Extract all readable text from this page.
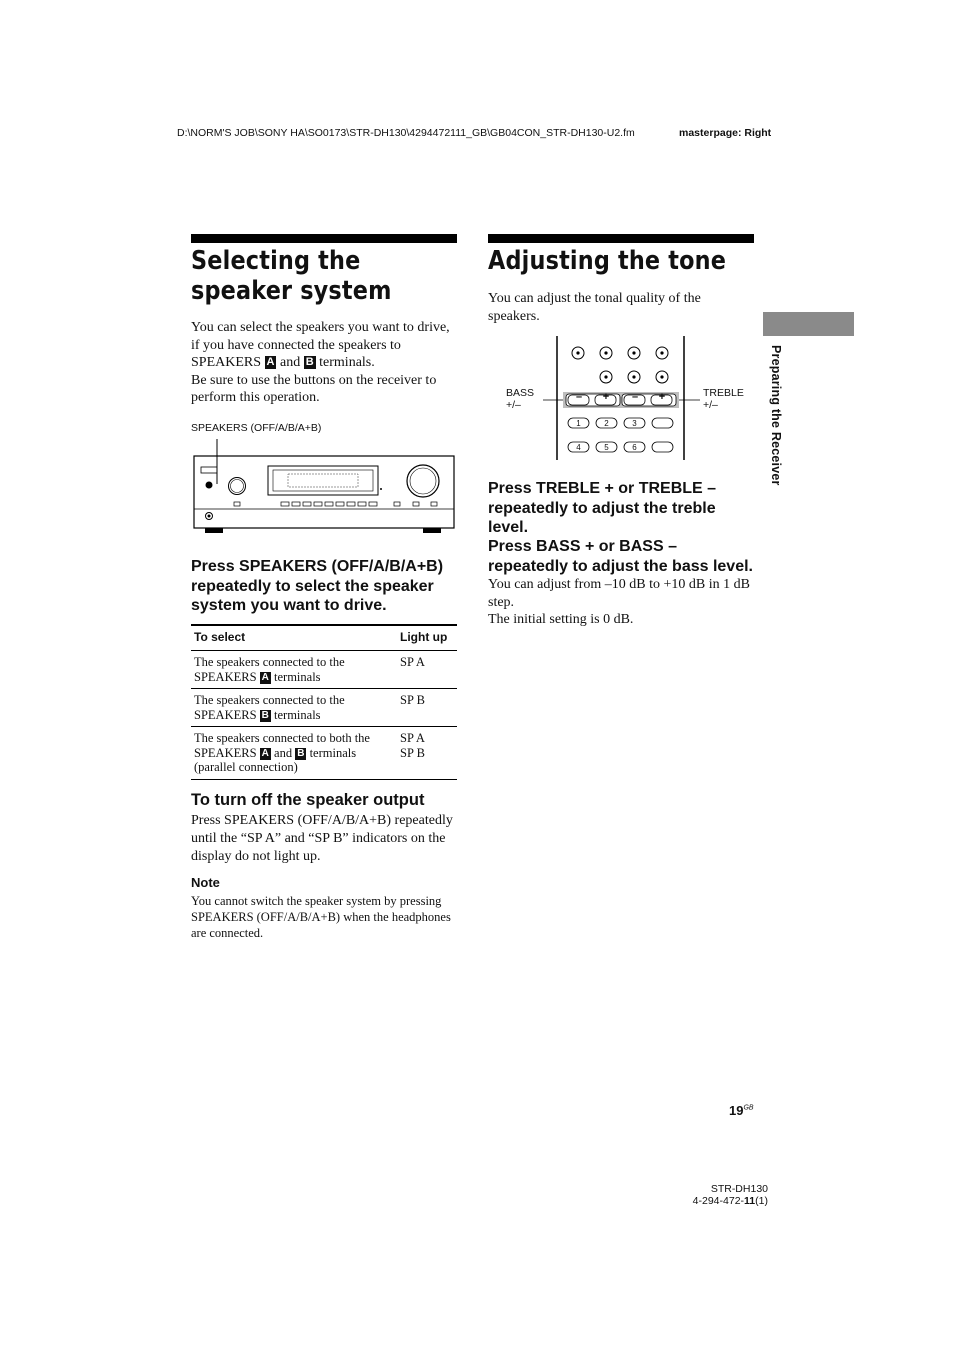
D:\NORM'S JOB\SONY HA\SO0173\STR-DH130\4294472111_GB\GB04CON_STR-DH130-U2.fm	masterpage: Right
Preparing the Receiver
Selecting the speaker system
You can select the speakers you want to drive, if you have connected the speakers to SPEAKERS A and B terminals.
Be sure to use the buttons on the receiver to perform this operation.
SPEAKERS (OFF/A/B/A+B)
Press SPEAKERS (OFF/A/B/A+B) repeatedly to select the speaker system you want to drive.
To select	Light up
The speakers connected to the SPEAKERS A terminals	SP A
The speakers connected to the SPEAKERS B terminals	SP B
The speakers connected to both the SPEAKERS A and B terminals (parallel connection)	SP A
SP B
To turn off the speaker output
Press SPEAKERS (OFF/A/B/A+B) repeatedly until the “SP A” and “SP B” indicators on the display do not light up.
Note
You cannot switch the speaker system by pressing SPEAKERS (OFF/A/B/A+B) when the headphones are connected.
Adjusting the tone
You can adjust the tonal quality of the speakers.
–	+	–	+
1	2	3
4	5	6
BASS
+/–
TREBLE
+/–
Press TREBLE + or TREBLE – repeatedly to adjust the treble level.
Press BASS + or BASS – repeatedly to adjust the bass level.
You can adjust from –10 dB to +10 dB in 1 dB step.
The initial setting is 0 dB.
$19^{GB}$
STR-DH130
4-294-472-11(1)
